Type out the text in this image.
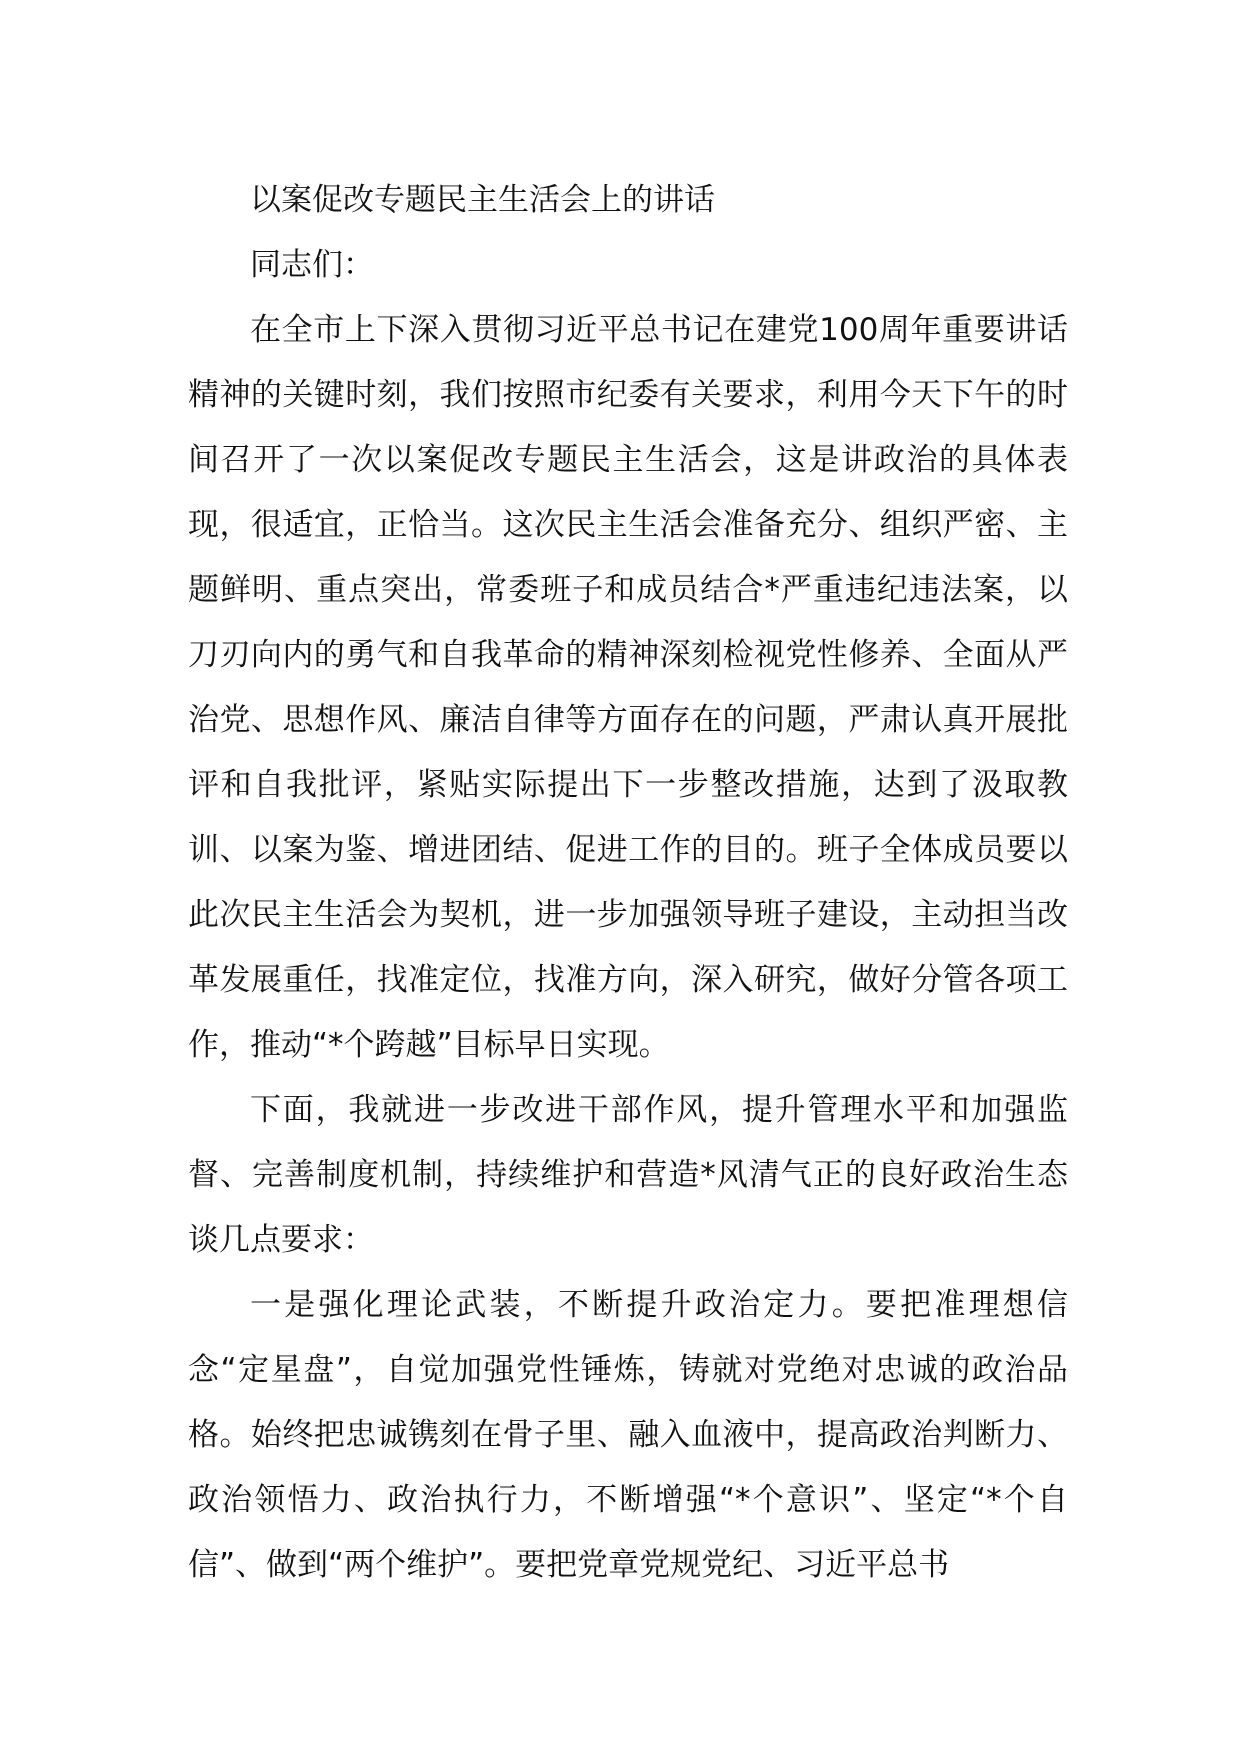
以案促改专题民主生活会上的讲话

同志们：

在全市上下深入贯彻习近平总书记在建党100周年重要讲话精神的关键时刻，我们按照市纪委有关要求，利用今天下午的时间召开了一次以案促改专题民主生活会，这是讲政治的具体表现，很适宜，正恰当。这次民主生活会准备充分、组织严密、主题鲜明、重点突出，常委班子和成员结合*严重违纪违法案，以刀刃向内的勇气和自我革命的精神深刻检视党性修养、全面从严治党、思想作风、廉洁自律等方面存在的问题，严肃认真开展批评和自我批评，紧贴实际提出下一步整改措施，达到了汲取教训、以案为鉴、增进团结、促进工作的目的。班子全体成员要以此次民主生活会为契机，进一步加强领导班子建设，主动担当改革发展重任，找准定位，找准方向，深入研究，做好分管各项工作，推动“*个跨越”目标早日实现。

下面，我就进一步改进干部作风，提升管理水平和加强监督、完善制度机制，持续维护和营造*风清气正的良好政治生态谈几点要求：

一是强化理论武装，不断提升政治定力。要把准理想信念“定星盘”，自觉加强党性锤炼，铸就对党绝对忠诚的政治品格。始终把忠诚镌刻在骨子里、融入血液中，提高政治判断力、政治领悟力、政治执行力，不断增强“*个意识”、坚定“*个自信”、做到“两个维护”。要把党章党规党纪、习近平总书
